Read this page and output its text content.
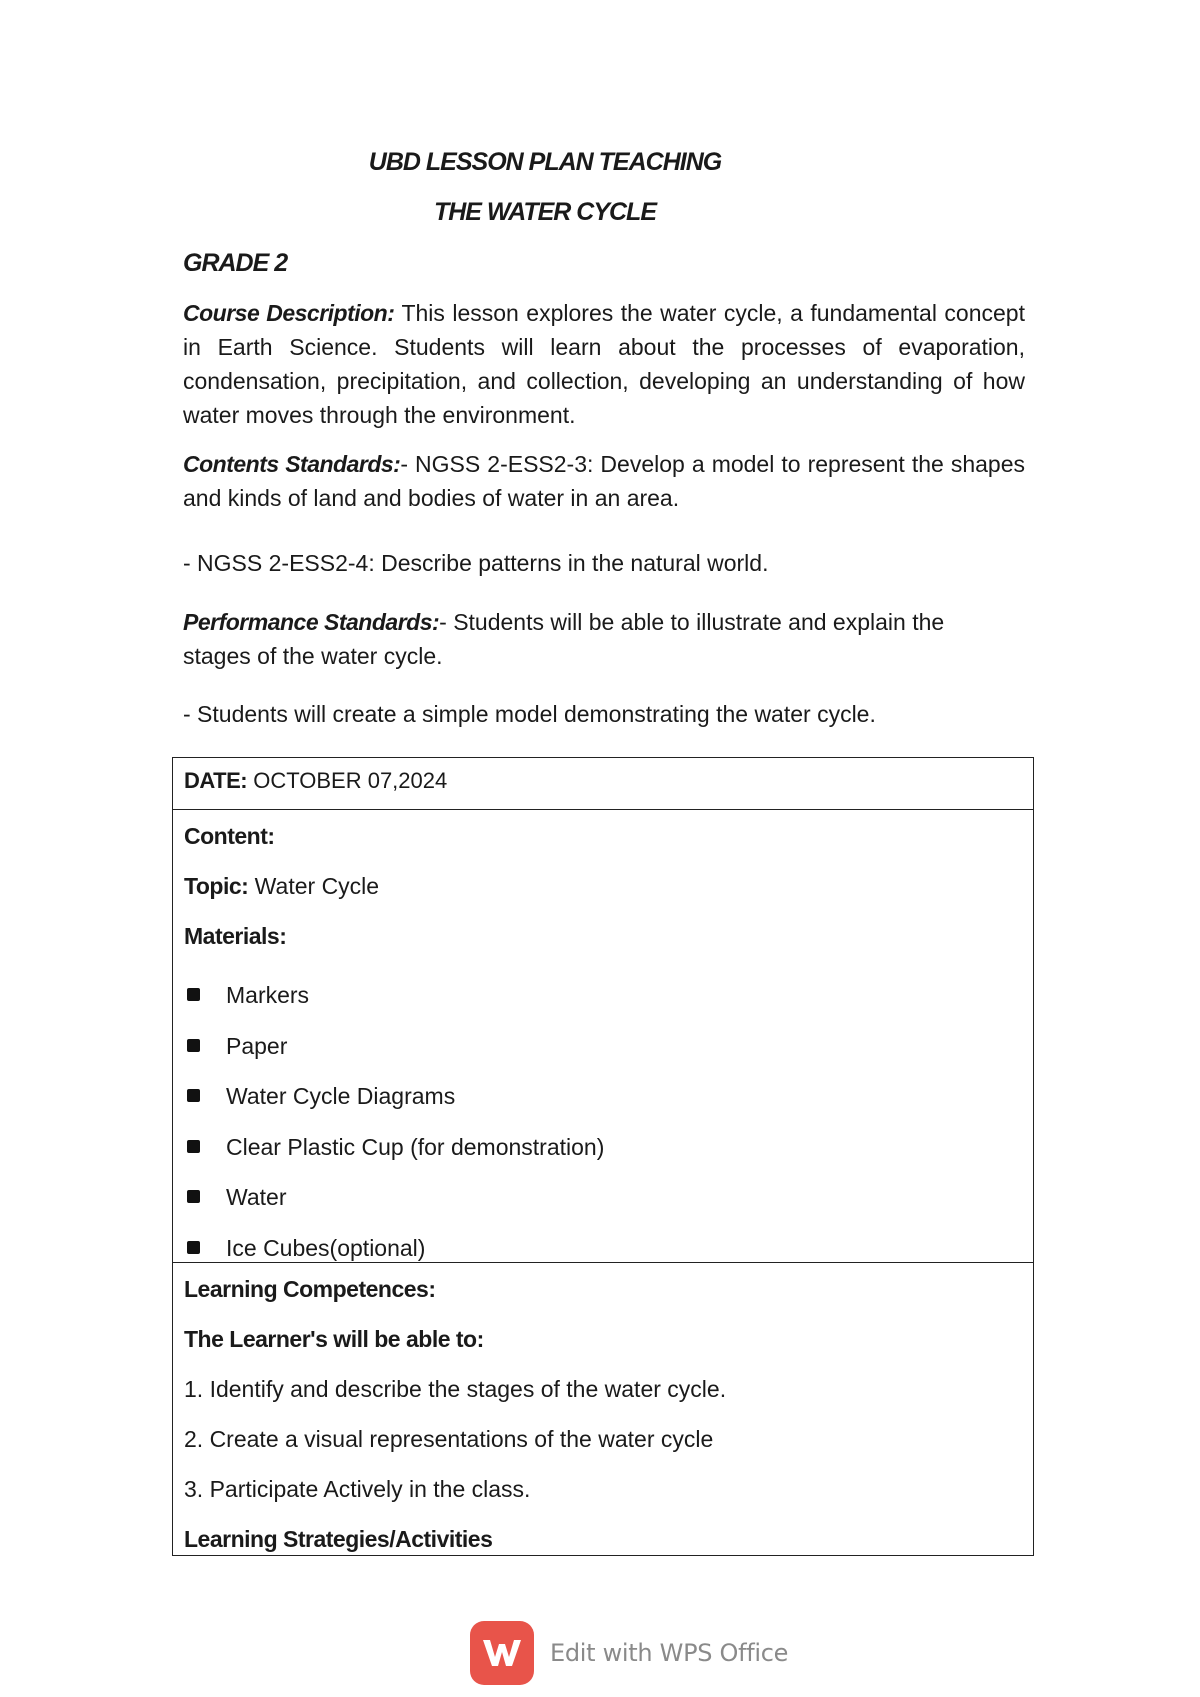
UBD LESSON PLAN TEACHING
THE WATER CYCLE
GRADE 2
Course Description: This lesson explores the water cycle, a fundamental concept in Earth Science. Students will learn about the processes of evaporation, condensation, precipitation, and collection, developing an understanding of how water moves through the environment.
Contents Standards:- NGSS 2-ESS2-3: Develop a model to represent the shapes and kinds of land and bodies of water in an area.
- NGSS 2-ESS2-4: Describe patterns in the natural world.
Performance Standards:- Students will be able to illustrate and explain the stages of the water cycle.
- Students will create a simple model demonstrating the water cycle.
DATE: OCTOBER 07,2024
Content:
Topic: Water Cycle
Materials:
Markers
Paper
Water Cycle Diagrams
Clear Plastic Cup (for demonstration)
Water
Ice Cubes(optional)
Learning Competences:
The Learner's will be able to:
1. Identify and describe the stages of the water cycle.
2. Create a visual representations of the water cycle
3. Participate Actively in the class.
Learning Strategies/Activities
Edit with WPS Office
